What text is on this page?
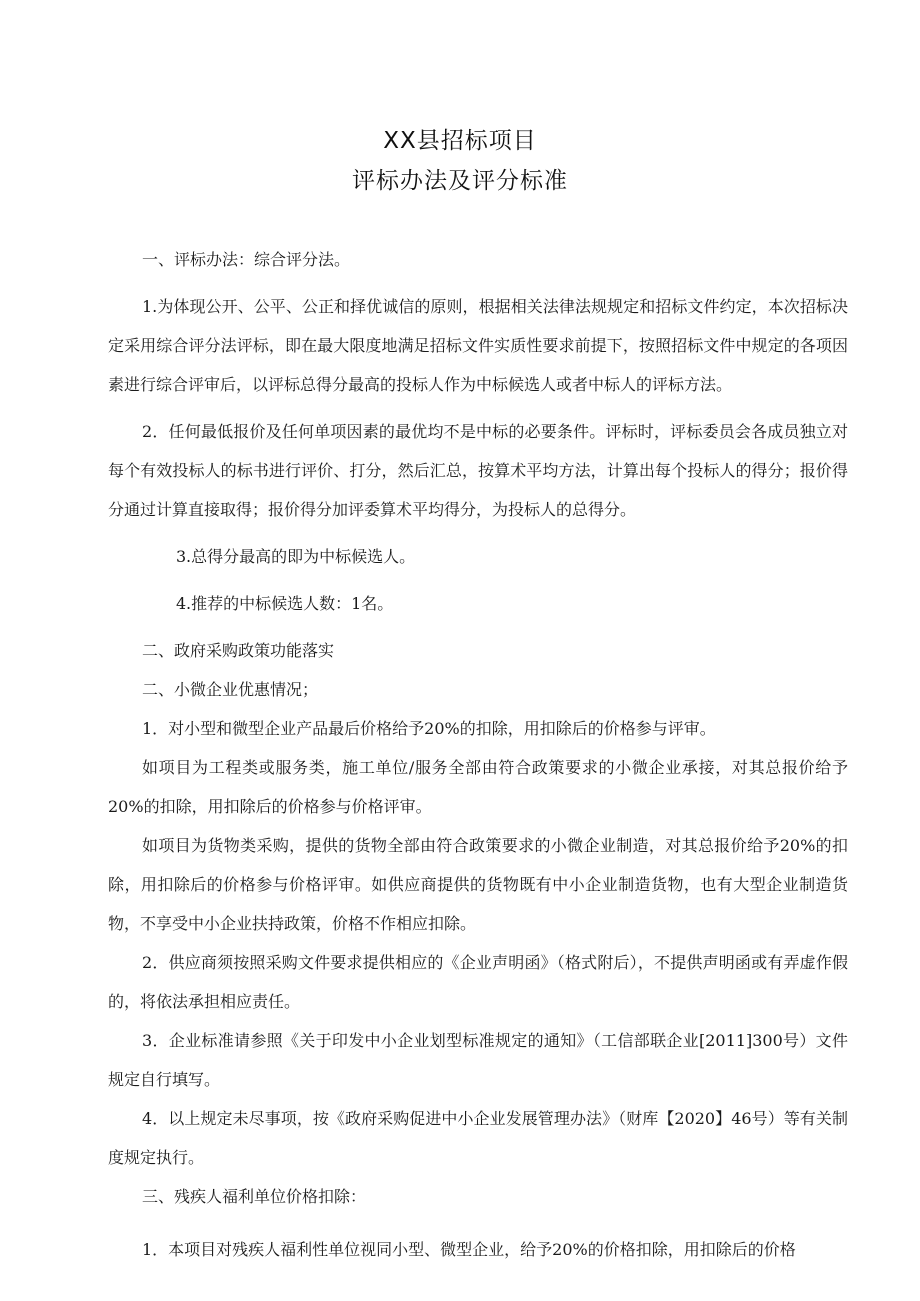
XX县招标项目
评标办法及评分标准

一、评标办法：综合评分法。

1.为体现公开、公平、公正和择优诚信的原则，根据相关法律法规规定和招标文件约定，本次招标决定采用综合评分法评标，即在最大限度地满足招标文件实质性要求前提下，按照招标文件中规定的各项因素进行综合评审后，以评标总得分最高的投标人作为中标候选人或者中标人的评标方法。

2．任何最低报价及任何单项因素的最优均不是中标的必要条件。评标时，评标委员会各成员独立对每个有效投标人的标书进行评价、打分，然后汇总，按算术平均方法，计算出每个投标人的得分；报价得分通过计算直接取得；报价得分加评委算术平均得分，为投标人的总得分。

3.总得分最高的即为中标候选人。

4.推荐的中标候选人数：1名。

二、政府采购政策功能落实

二、小微企业优惠情况；

1．对小型和微型企业产品最后价格给予20%的扣除，用扣除后的价格参与评审。

如项目为工程类或服务类，施工单位/服务全部由符合政策要求的小微企业承接，对其总报价给予20%的扣除，用扣除后的价格参与价格评审。

如项目为货物类采购，提供的货物全部由符合政策要求的小微企业制造，对其总报价给予20%的扣除，用扣除后的价格参与价格评审。如供应商提供的货物既有中小企业制造货物，也有大型企业制造货物，不享受中小企业扶持政策，价格不作相应扣除。

2．供应商须按照采购文件要求提供相应的《企业声明函》（格式附后），不提供声明函或有弄虚作假的，将依法承担相应责任。

3．企业标准请参照《关于印发中小企业划型标准规定的通知》（工信部联企业[2011]300号）文件规定自行填写。

4．以上规定未尽事项，按《政府采购促进中小企业发展管理办法》（财库【2020】46号）等有关制度规定执行。

三、残疾人福利单位价格扣除：

1．本项目对残疾人福利性单位视同小型、微型企业，给予20%的价格扣除，用扣除后的价格
